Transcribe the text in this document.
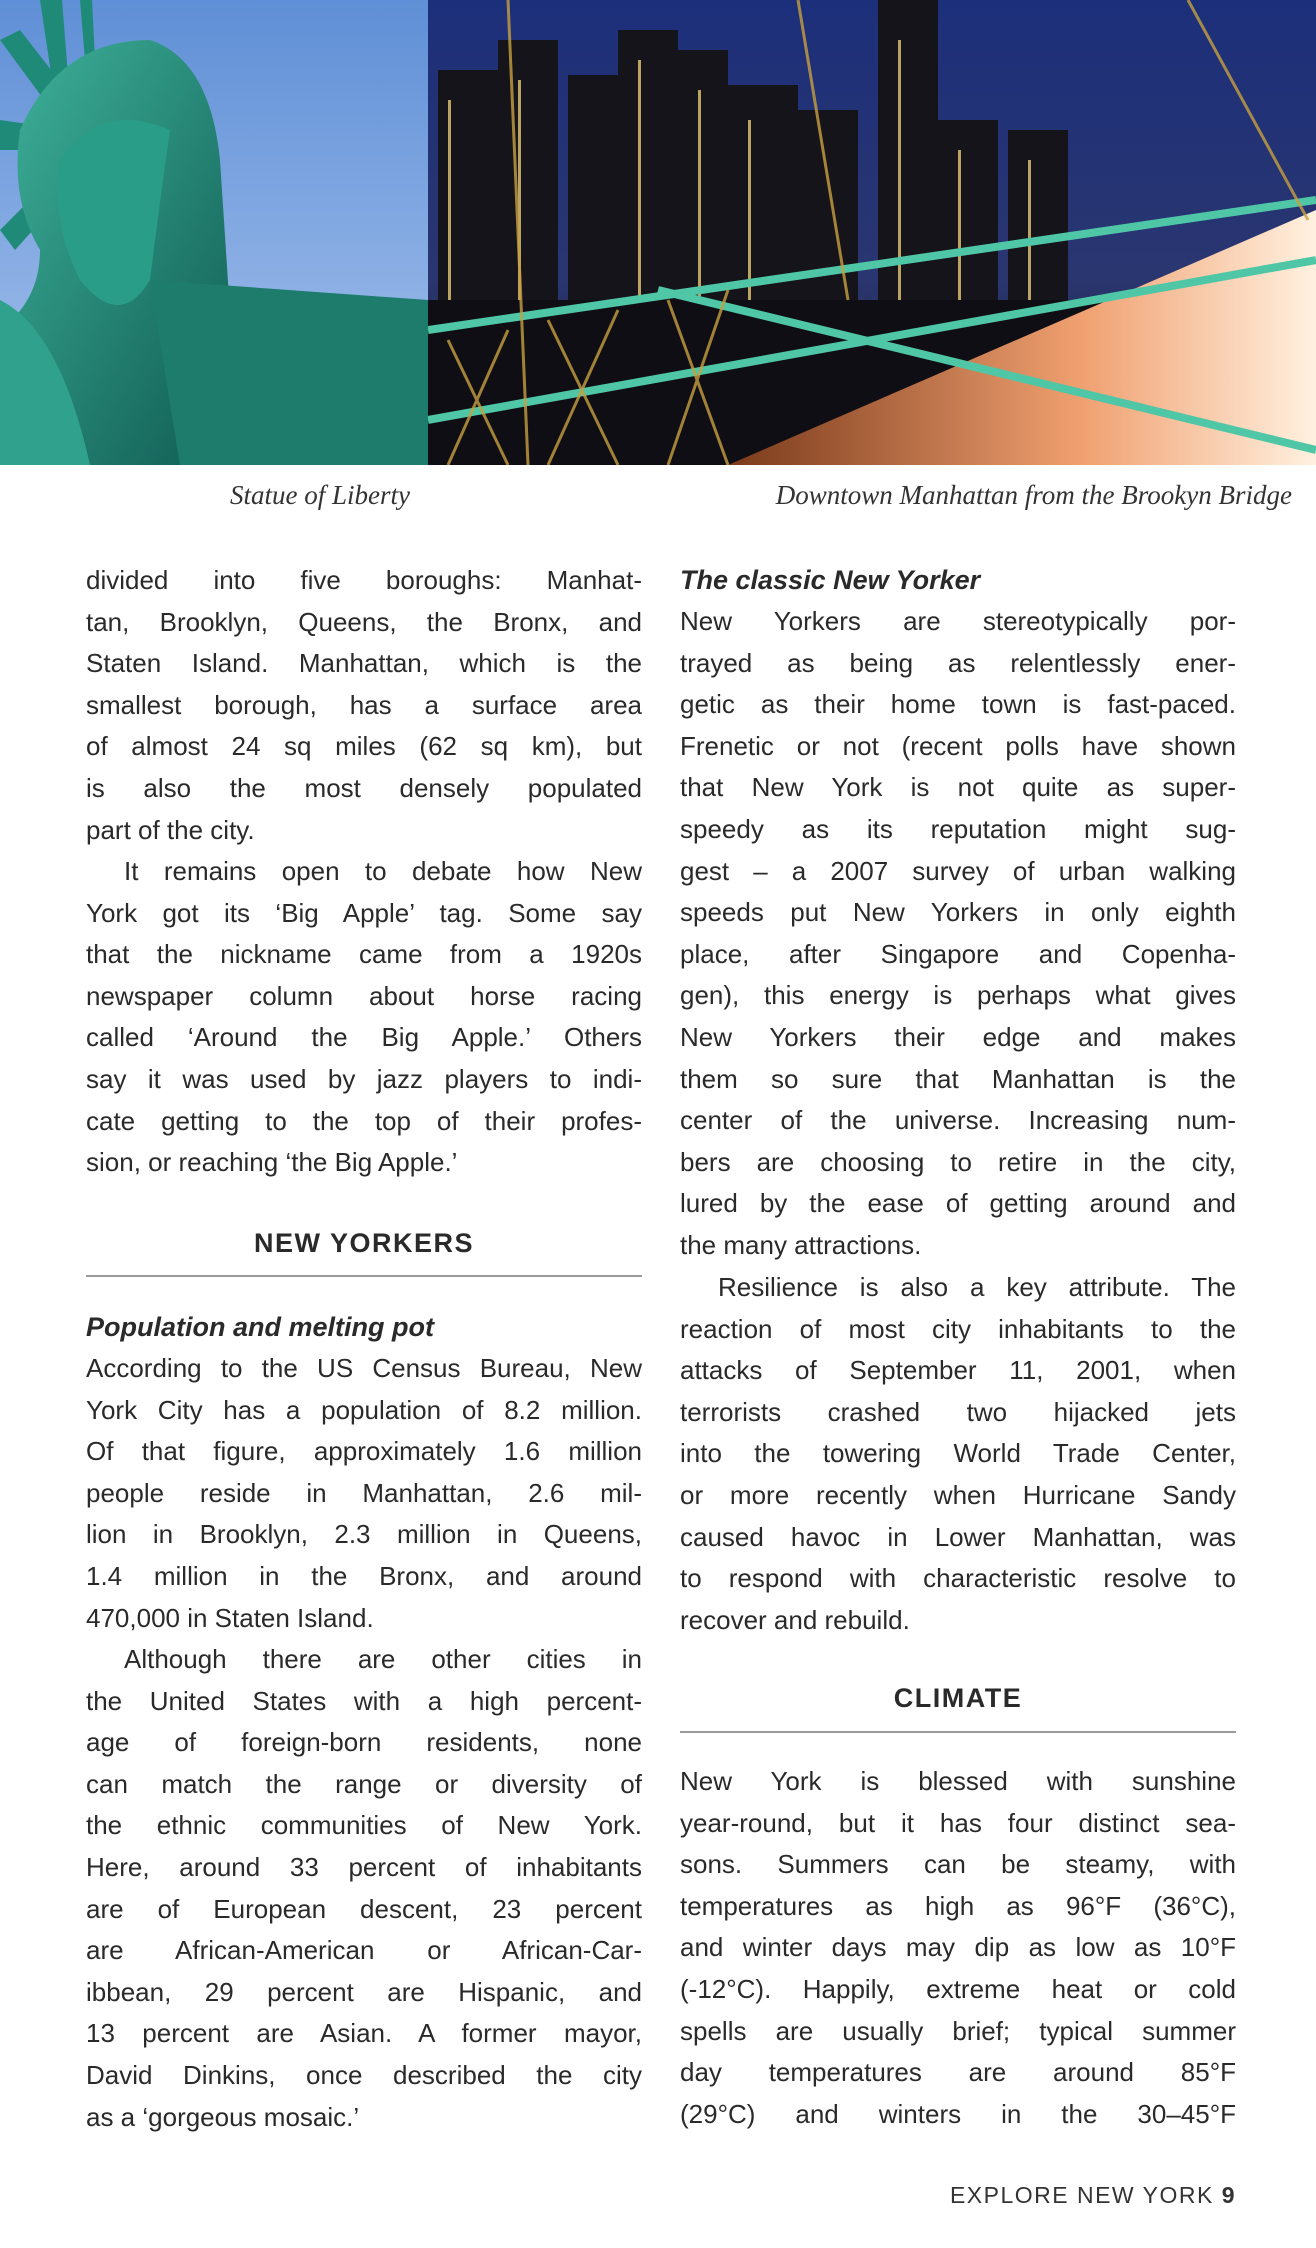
Statue of Liberty	Downtown Manhattan from the Brookyn Bridge
divided into five boroughs: Manhat-
tan, Brooklyn, Queens, the Bronx, and
Staten Island. Manhattan, which is the
smallest borough, has a surface area
of almost 24 sq miles (62 sq km), but
is also the most densely populated
part of the city.
It remains open to debate how New
York got its ‘Big Apple’ tag. Some say
that the nickname came from a 1920s
newspaper column about horse racing
called ‘Around the Big Apple.’ Others
say it was used by jazz players to indi-
cate getting to the top of their profes-
sion, or reaching ‘the Big Apple.’
NEW YORKERS
Population and melting pot
According to the US Census Bureau, New
York City has a population of 8.2 million.
Of that figure, approximately 1.6 million
people reside in Manhattan, 2.6 mil-
lion in Brooklyn, 2.3 million in Queens,
1.4 million in the Bronx, and around
470,000 in Staten Island.
Although there are other cities in
the United States with a high percent-
age of foreign-born residents, none
can match the range or diversity of
the ethnic communities of New York.
Here, around 33 percent of inhabitants
are of European descent, 23 percent
are African-American or African-Car-
ibbean, 29 percent are Hispanic, and
13 percent are Asian. A former mayor,
David Dinkins, once described the city
as a ‘gorgeous mosaic.’
The classic New Yorker
New Yorkers are stereotypically por-
trayed as being as relentlessly ener-
getic as their home town is fast-paced.
Frenetic or not (recent polls have shown
that New York is not quite as super-
speedy as its reputation might sug-
gest – a 2007 survey of urban walking
speeds put New Yorkers in only eighth
place, after Singapore and Copenha-
gen), this energy is perhaps what gives
New Yorkers their edge and makes
them so sure that Manhattan is the
center of the universe. Increasing num-
bers are choosing to retire in the city,
lured by the ease of getting around and
the many attractions.
Resilience is also a key attribute. The
reaction of most city inhabitants to the
attacks of September 11, 2001, when
terrorists crashed two hijacked jets
into the towering World Trade Center,
or more recently when Hurricane Sandy
caused havoc in Lower Manhattan, was
to respond with characteristic resolve to
recover and rebuild.
CLIMATE
New York is blessed with sunshine
year-round, but it has four distinct sea-
sons. Summers can be steamy, with
temperatures as high as 96°F (36°C),
and winter days may dip as low as 10°F
(-12°C). Happily, extreme heat or cold
spells are usually brief; typical summer
day temperatures are around 85°F
(29°C) and winters in the 30–45°F
EXPLORE NEW YORK 9
